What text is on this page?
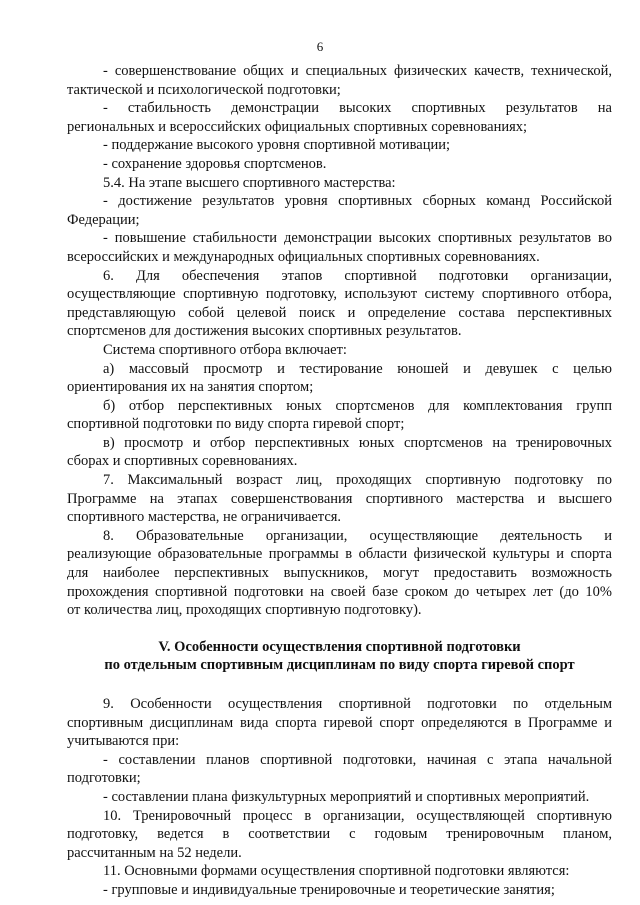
6
- совершенствование общих и специальных физических качеств, технической,
тактической и психологической подготовки;
- стабильность демонстрации высоких спортивных результатов на
региональных и всероссийских официальных спортивных соревнованиях;
- поддержание высокого уровня спортивной мотивации;
- сохранение здоровья спортсменов.
5.4. На этапе высшего спортивного мастерства:
- достижение результатов уровня спортивных сборных команд Российской
Федерации;
- повышение стабильности демонстрации высоких спортивных результатов во
всероссийских и международных официальных спортивных соревнованиях.
6. Для обеспечения этапов спортивной подготовки организации,
осуществляющие спортивную подготовку, используют систему спортивного отбора,
представляющую собой целевой поиск и определение состава перспективных
спортсменов для достижения высоких спортивных результатов.
Система спортивного отбора включает:
а) массовый просмотр и тестирование юношей и девушек с целью
ориентирования их на занятия спортом;
б) отбор перспективных юных спортсменов для комплектования групп
спортивной подготовки по виду спорта гиревой спорт;
в) просмотр и отбор перспективных юных спортсменов на тренировочных
сборах и спортивных соревнованиях.
7. Максимальный возраст лиц, проходящих спортивную подготовку по
Программе на этапах совершенствования спортивного мастерства и высшего
спортивного мастерства, не ограничивается.
8. Образовательные организации, осуществляющие деятельность и
реализующие образовательные программы в области физической культуры и спорта
для наиболее перспективных выпускников, могут предоставить возможность
прохождения спортивной подготовки на своей базе сроком до четырех лет (до 10%
от количества лиц, проходящих спортивную подготовку).
V. Особенности осуществления спортивной подготовки
по отдельным спортивным дисциплинам по виду спорта гиревой спорт
9. Особенности осуществления спортивной подготовки по отдельным
спортивным дисциплинам вида спорта гиревой спорт определяются в Программе и
учитываются при:
- составлении планов спортивной подготовки, начиная с этапа начальной
подготовки;
- составлении плана физкультурных мероприятий и спортивных мероприятий.
10. Тренировочный процесс в организации, осуществляющей спортивную
подготовку, ведется в соответствии с годовым тренировочным планом,
рассчитанным на 52 недели.
11. Основными формами осуществления спортивной подготовки являются:
- групповые и индивидуальные тренировочные и теоретические занятия;
